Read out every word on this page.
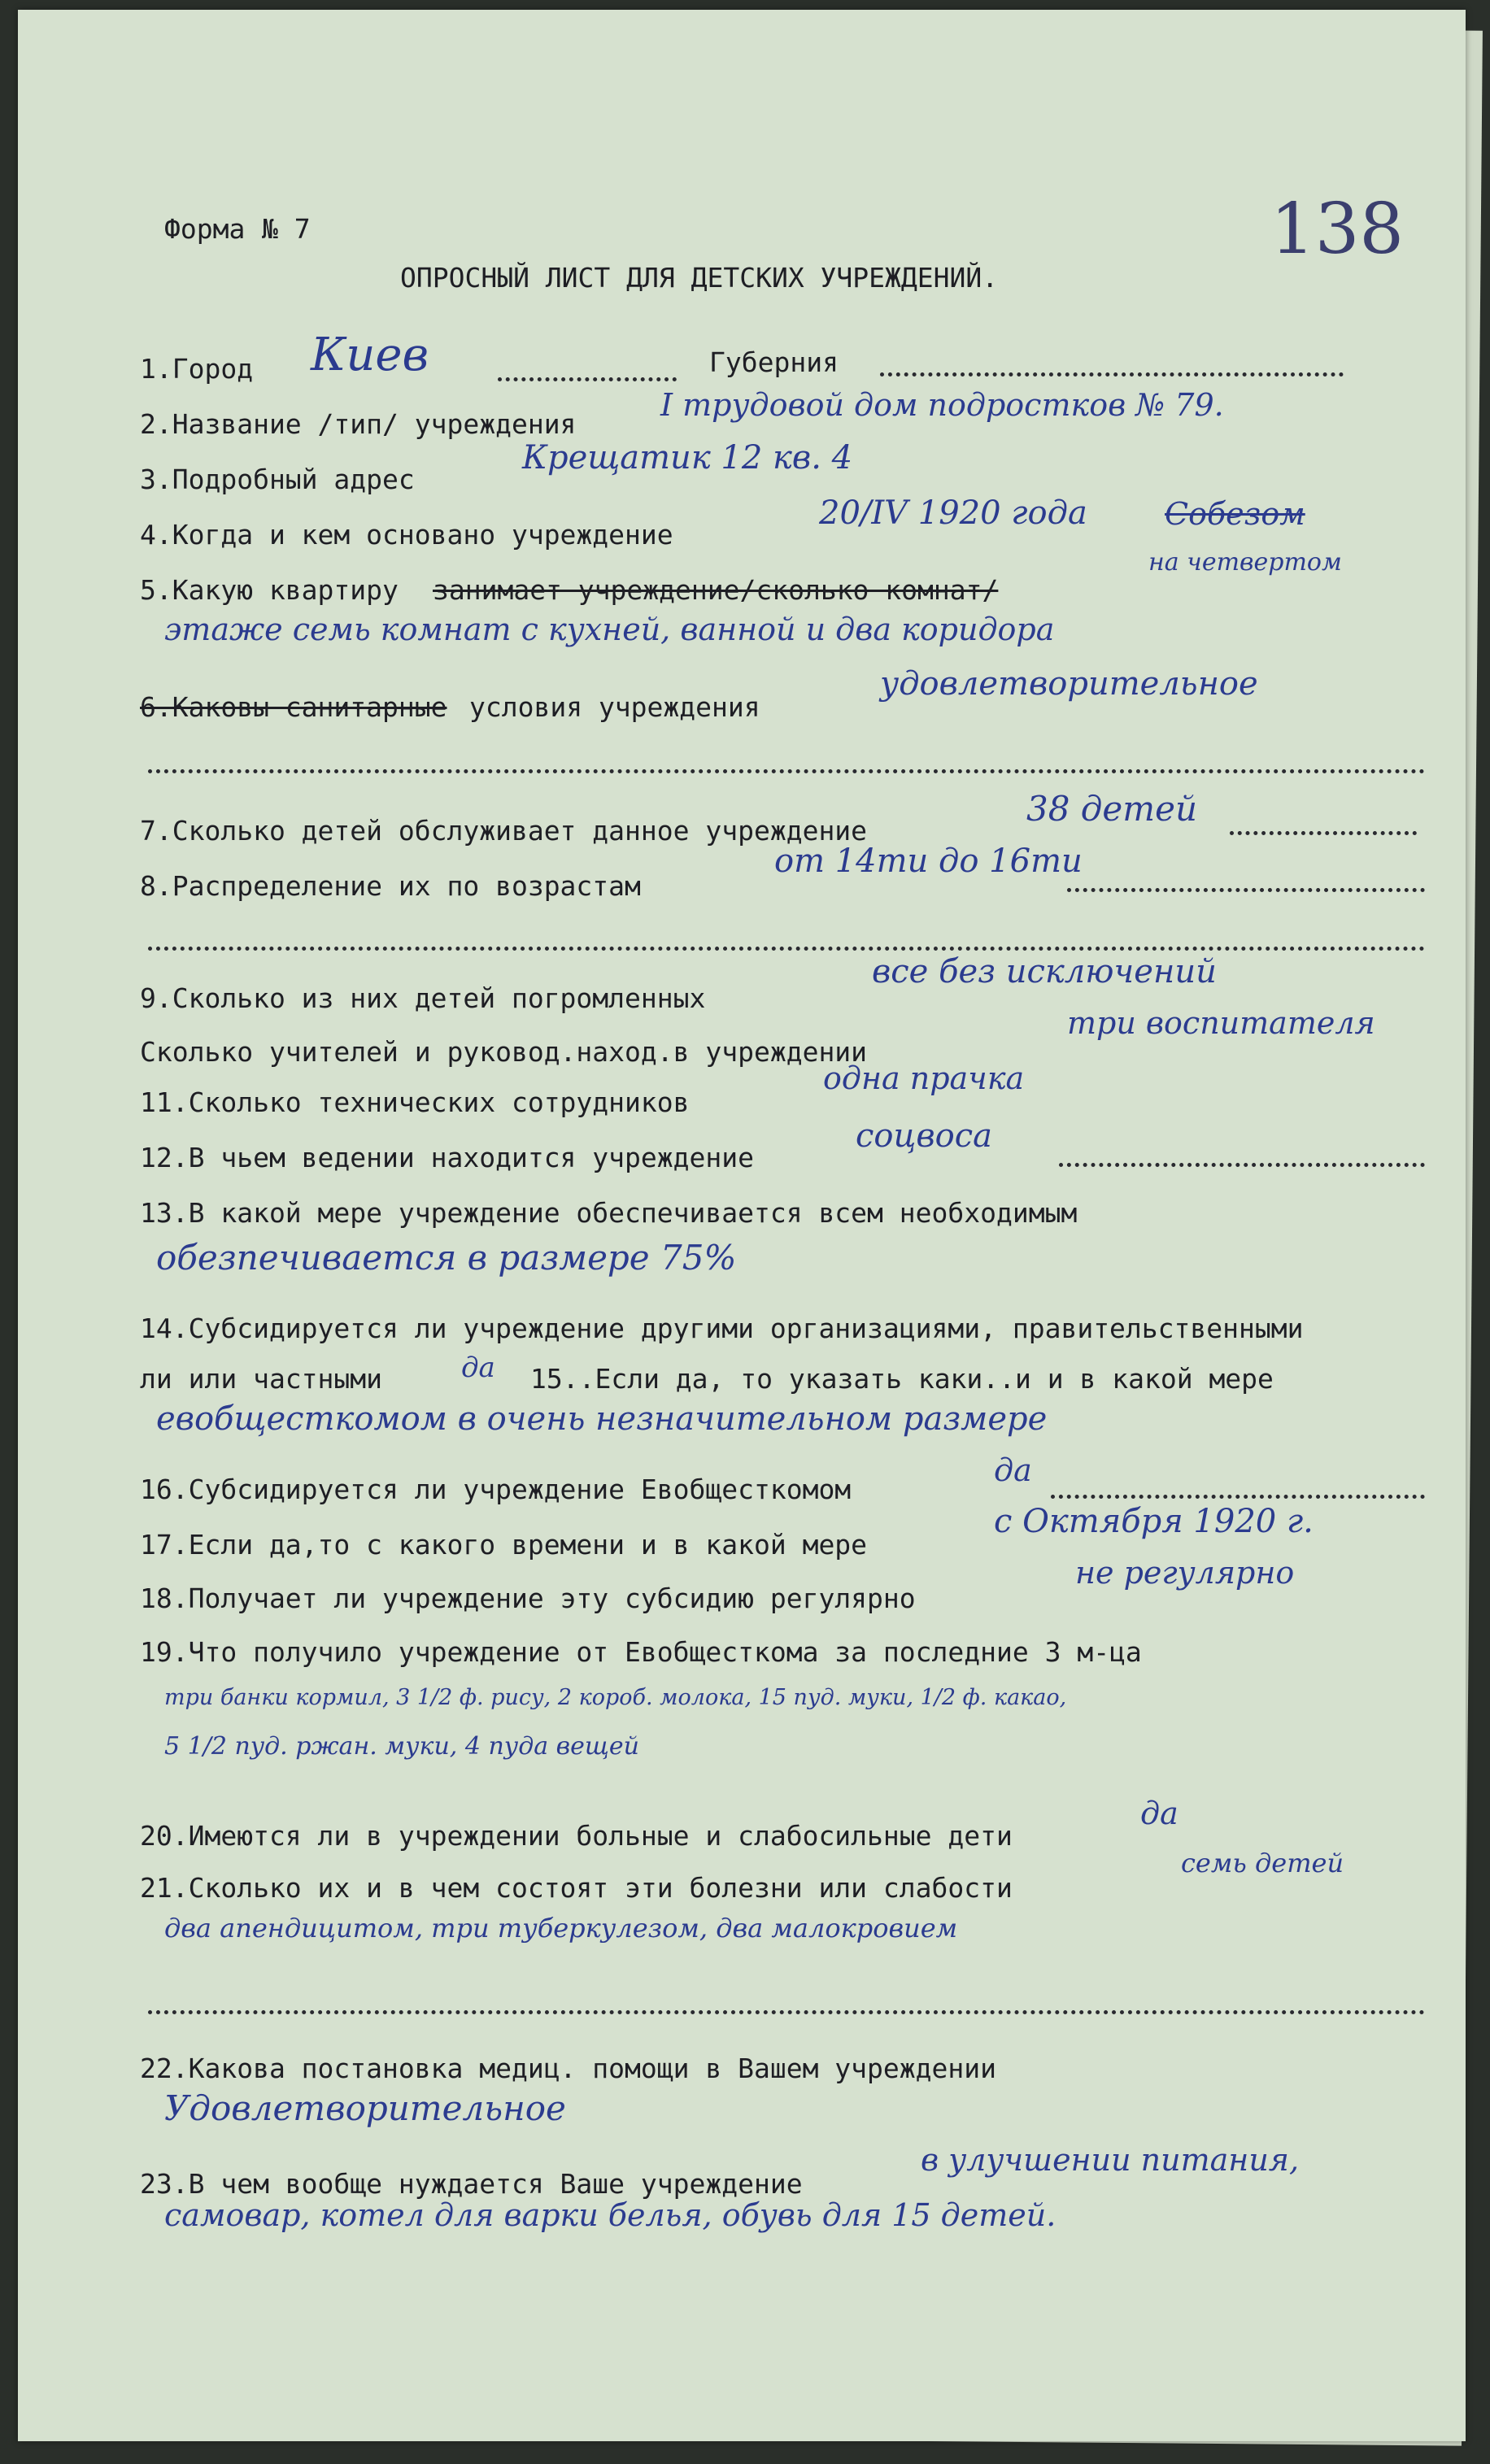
Форма № 7	138
ОПРОСНЫЙ ЛИСТ ДЛЯ ДЕТСКИХ УЧРЕЖДЕНИЙ.
1.Город Киев	Губерния
2.Название /тип/ учреждения
I трудовой дом подростков № 79.
3.Подробный адрес
Крещатик 12 кв. 4
4.Когда и кем основано учреждение
20/IV 1920 года	Собезом
5.Какую квартиру занимает учреждение/сколько комнат/
на четвертом
этаже семь комнат с кухней, ванной и два коридора
6.Каковы санитарные условия учреждения
удовлетворительное
7.Сколько детей обслуживает данное учреждение
38 детей
8.Распределение их по возрастам
от 14ти до 16ти
9.Сколько из них детей погромленных
все без исключений
Сколько учителей и руковод.наход.в учреждении
три воспитателя
11.Сколько технических сотрудников
одна прачка
12.В чьем ведении находится учреждение
соцвоса
13.В какой мере учреждение обеспечивается всем необходимым
обезпечивается в размере 75%
14.Субсидируется ли учреждение другими организациями, правительственными
ли или частными	да 15..Если да, то указать каки..и и в какой мере
евобщесткомом в очень незначительном размере
16.Субсидируется ли учреждение Евобщесткомом
да
17.Если да,то с какого времени и в какой мере
с Октября 1920 г.
18.Получает ли учреждение эту субсидию регулярно
не регулярно
19.Что получило учреждение от Евобщесткома за последние 3 м-ца
три банки кормил, 3 1/2 ф. рису, 2 короб. молока, 15 пуд. муки, 1/2 ф. какао,
5 1/2 пуд. ржан. муки, 4 пуда вещей
20.Имеются ли в учреждении больные и слабосильные дети
да
21.Сколько их и в чем состоят эти болезни или слабости
семь детей
два апендицитом, три туберкулезом, два малокровием
22.Какова постановка медиц. помощи в Вашем учреждении
Удовлетворительное
23.В чем вообще нуждается Ваше учреждение
в улучшении питания,
самовар, котел для варки белья, обувь для 15 детей.
